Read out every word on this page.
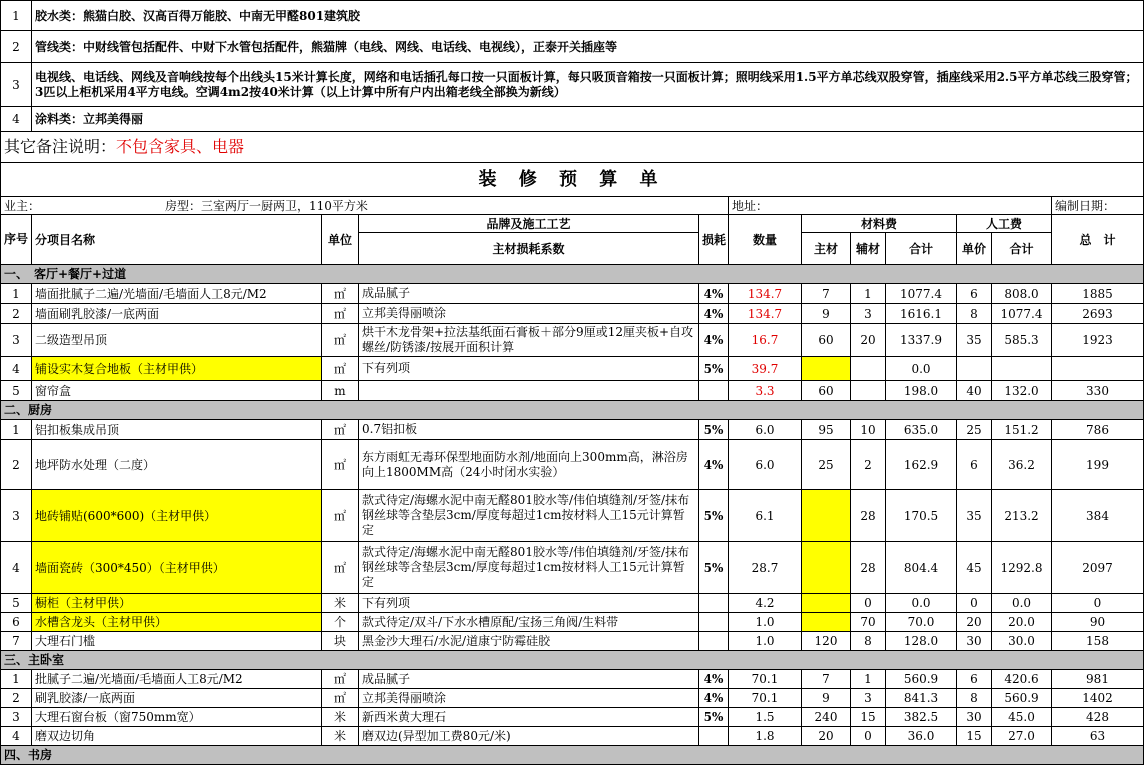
1	胶水类：熊猫白胶、汉高百得万能胶、中南无甲醛801建筑胶										
2	管线类：中财线管包括配件、中财下水管包括配件，熊猫牌（电线、网线、电话线、电视线），正泰开关插座等										
3	电视线、电话线、网线及音响线按每个出线头15米计算长度，网络和电话插孔每口按一只面板计算，每只吸顶音箱按一只面板计算；照明线采用1.5平方单芯线双股穿管，插座线采用2.5平方单芯线三股穿管；3匹以上柜机采用4平方电线。空调4m2按40米计算（以上计算中所有户内出箱老线全部换为新线）										
4	涂料类：立邦美得丽										
其它备注说明：不包含家具、电器											
装 修 预 算 单											
业主： 房型：三室两厅一厨两卫，110平方米					地址：						编制日期：
序号	分项目名称	单位	品牌及施工工艺	损耗	数量	材料费			人工费		总　计
			主材损耗系数			主材	辅材	合计	单价	合计	
一、　客厅+餐厅+过道											
1	墙面批腻子二遍/光墙面/毛墙面人工8元/M2	㎡	成品腻子	4%	134.7	7	1	1077.4	6	808.0	1885
2	墙面刷乳胶漆/一底两面	㎡	立邦美得丽喷涂	4%	134.7	9	3	1616.1	8	1077.4	2693
3	二级造型吊顶	㎡	烘干木龙骨架+拉法基纸面石膏板＋部分9厘或12厘夹板+自攻螺丝/防锈漆/按展开面积计算	4%	16.7	60	20	1337.9	35	585.3	1923
4	铺设实木复合地板（主材甲供）	㎡	下有列项	5%	39.7			0.0			
5	窗帘盒	m			3.3	60		198.0	40	132.0	330
二、厨房											
1	铝扣板集成吊顶	㎡	0.7铝扣板	5%	6.0	95	10	635.0	25	151.2	786
2	地坪防水处理（二度）	㎡	东方雨虹无毒环保型地面防水剂/地面向上300mm高，淋浴房向上1800MM高（24小时闭水实验）	4%	6.0	25	2	162.9	6	36.2	199
3	地砖铺贴(600*600)（主材甲供）	㎡	款式待定/海螺水泥中南无醛801胶水等/伟伯填缝剂/牙签/抹布钢丝球等含垫层3cm/厚度每超过1cm按材料人工15元计算暂定	5%	6.1		28	170.5	35	213.2	384
4	墙面瓷砖（300*450）（主材甲供）	㎡	款式待定/海螺水泥中南无醛801胶水等/伟伯填缝剂/牙签/抹布钢丝球等含垫层3cm/厚度每超过1cm按材料人工15元计算暂定	5%	28.7		28	804.4	45	1292.8	2097
5	橱柜（主材甲供）	米	下有列项		4.2		0	0.0	0	0.0	0
6	水槽含龙头（主材甲供）	个	款式待定/双斗/下水水槽原配/宝扬三角阀/生料带		1.0		70	70.0	20	20.0	90
7	大理石门槛	块	黑金沙大理石/水泥/道康宁防霉硅胶		1.0	120	8	128.0	30	30.0	158
三、主卧室											
1	批腻子二遍/光墙面/毛墙面人工8元/M2	㎡	成品腻子	4%	70.1	7	1	560.9	6	420.6	981
2	刷乳胶漆/一底两面	㎡	立邦美得丽喷涂	4%	70.1	9	3	841.3	8	560.9	1402
3	大理石窗台板（窗750mm宽）	米	新西米黄大理石	5%	1.5	240	15	382.5	30	45.0	428
4	磨双边切角	米	磨双边(异型加工费80元/米)		1.8	20	0	36.0	15	27.0	63
四、书房											
